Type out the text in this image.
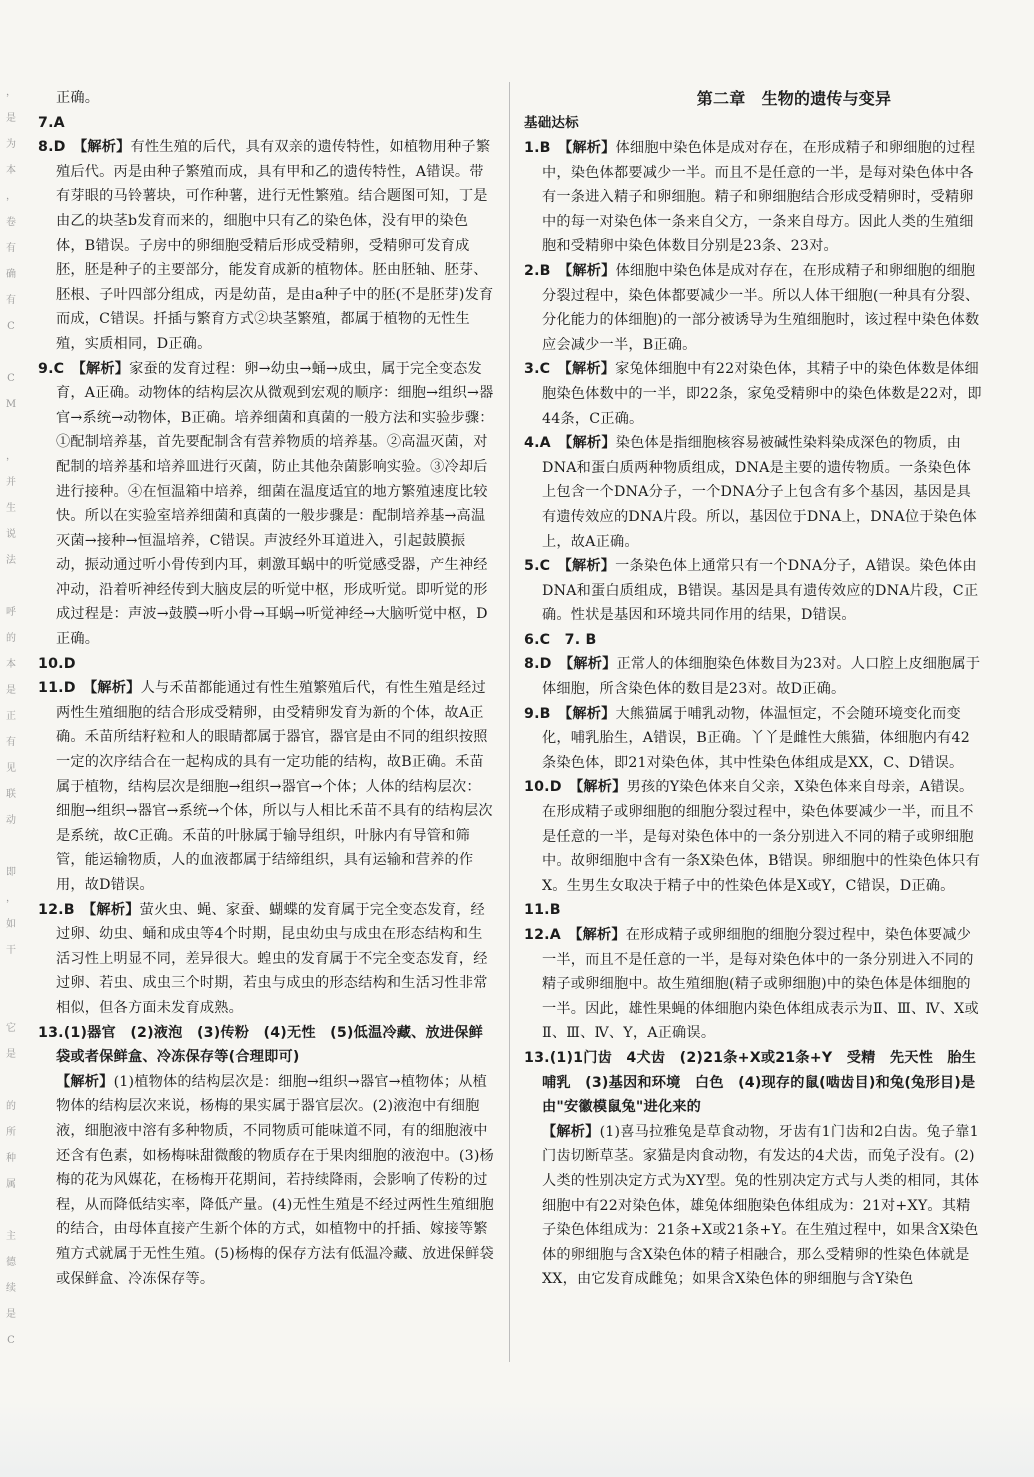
，
是
为
本
，
卷
有
确
有
C
C
M
，
并
生
说
法
呼
的
本
是
正
有
见
联
动
即
，
如
干
它
是
的
所
种
属
主
德
续
是
C
正确。
7.A
8.D  【解析】有性生殖的后代，具有双亲的遗传特性，如植物用种子繁殖后代。丙是由种子繁殖而成，具有甲和乙的遗传特性，A错误。带有芽眼的马铃薯块，可作种薯，进行无性繁殖。结合题图可知，丁是由乙的块茎b发育而来的，细胞中只有乙的染色体，没有甲的染色体，B错误。子房中的卵细胞受精后形成受精卵，受精卵可发育成胚，胚是种子的主要部分，能发育成新的植物体。胚由胚轴、胚芽、胚根、子叶四部分组成，丙是幼苗，是由a种子中的胚(不是胚芽)发育而成，C错误。扦插与繁育方式②块茎繁殖，都属于植物的无性生殖，实质相同，D正确。
9.C  【解析】家蚕的发育过程：卵→幼虫→蛹→成虫，属于完全变态发育，A正确。动物体的结构层次从微观到宏观的顺序：细胞→组织→器官→系统→动物体，B正确。培养细菌和真菌的一般方法和实验步骤：①配制培养基，首先要配制含有营养物质的培养基。②高温灭菌，对配制的培养基和培养皿进行灭菌，防止其他杂菌影响实验。③冷却后进行接种。④在恒温箱中培养，细菌在温度适宜的地方繁殖速度比较快。所以在实验室培养细菌和真菌的一般步骤是：配制培养基→高温灭菌→接种→恒温培养，C错误。声波经外耳道进入，引起鼓膜振动，振动通过听小骨传到内耳，刺激耳蜗中的听觉感受器，产生神经冲动，沿着听神经传到大脑皮层的听觉中枢，形成听觉。即听觉的形成过程是：声波→鼓膜→听小骨→耳蜗→听觉神经→大脑听觉中枢，D正确。
10.D
11.D  【解析】人与禾苗都能通过有性生殖繁殖后代，有性生殖是经过两性生殖细胞的结合形成受精卵，由受精卵发育为新的个体，故A正确。禾苗所结籽粒和人的眼睛都属于器官，器官是由不同的组织按照一定的次序结合在一起构成的具有一定功能的结构，故B正确。禾苗属于植物，结构层次是细胞→组织→器官→个体；人体的结构层次：细胞→组织→器官→系统→个体，所以与人相比禾苗不具有的结构层次是系统，故C正确。禾苗的叶脉属于输导组织，叶脉内有导管和筛管，能运输物质，人的血液都属于结缔组织，具有运输和营养的作用，故D错误。
12.B  【解析】萤火虫、蝇、家蚕、蝴蝶的发育属于完全变态发育，经过卵、幼虫、蛹和成虫等4个时期，昆虫幼虫与成虫在形态结构和生活习性上明显不同，差异很大。蝗虫的发育属于不完全变态发育，经过卵、若虫、成虫三个时期，若虫与成虫的形态结构和生活习性非常相似，但各方面未发育成熟。
13.(1)器官　(2)液泡　(3)传粉　(4)无性　(5)低温冷藏、放进保鲜袋或者保鲜盒、冷冻保存等(合理即可)
【解析】(1)植物体的结构层次是：细胞→组织→器官→植物体；从植物体的结构层次来说，杨梅的果实属于器官层次。(2)液泡中有细胞液，细胞液中溶有多种物质，不同物质可能味道不同，有的细胞液中还含有色素，如杨梅味甜微酸的物质存在于果肉细胞的液泡中。(3)杨梅的花为风媒花，在杨梅开花期间，若持续降雨，会影响了传粉的过程，从而降低结实率，降低产量。(4)无性生殖是不经过两性生殖细胞的结合，由母体直接产生新个体的方式，如植物中的扦插、嫁接等繁殖方式就属于无性生殖。(5)杨梅的保存方法有低温冷藏、放进保鲜袋或保鲜盒、冷冻保存等。
第二章　生物的遗传与变异
基础达标
1.B  【解析】体细胞中染色体是成对存在，在形成精子和卵细胞的过程中，染色体都要减少一半。而且不是任意的一半，是每对染色体中各有一条进入精子和卵细胞。精子和卵细胞结合形成受精卵时，受精卵中的每一对染色体一条来自父方，一条来自母方。因此人类的生殖细胞和受精卵中染色体数目分别是23条、23对。
2.B  【解析】体细胞中染色体是成对存在，在形成精子和卵细胞的细胞分裂过程中，染色体都要减少一半。所以人体干细胞(一种具有分裂、分化能力的体细胞)的一部分被诱导为生殖细胞时，该过程中染色体数应会减少一半，B正确。
3.C  【解析】家兔体细胞中有22对染色体，其精子中的染色体数是体细胞染色体数中的一半，即22条，家兔受精卵中的染色体数是22对，即44条，C正确。
4.A  【解析】染色体是指细胞核容易被碱性染料染成深色的物质，由DNA和蛋白质两种物质组成，DNA是主要的遗传物质。一条染色体上包含一个DNA分子，一个DNA分子上包含有多个基因，基因是具有遗传效应的DNA片段。所以，基因位于DNA上，DNA位于染色体上，故A正确。
5.C  【解析】一条染色体上通常只有一个DNA分子，A错误。染色体由DNA和蛋白质组成，B错误。基因是具有遗传效应的DNA片段，C正确。性状是基因和环境共同作用的结果，D错误。
6.C　7. B
8.D  【解析】正常人的体细胞染色体数目为23对。人口腔上皮细胞属于体细胞，所含染色体的数目是23对。故D正确。
9.B  【解析】大熊猫属于哺乳动物，体温恒定，不会随环境变化而变化，哺乳胎生，A错误，B正确。丫丫是雌性大熊猫，体细胞内有42条染色体，即21对染色体，其中性染色体组成是XX，C、D错误。
10.D  【解析】男孩的Y染色体来自父亲，X染色体来自母亲，A错误。在形成精子或卵细胞的细胞分裂过程中，染色体要减少一半，而且不是任意的一半，是每对染色体中的一条分别进入不同的精子或卵细胞中。故卵细胞中含有一条X染色体，B错误。卵细胞中的性染色体只有X。生男生女取决于精子中的性染色体是X或Y，C错误，D正确。
11.B
12.A  【解析】在形成精子或卵细胞的细胞分裂过程中，染色体要减少一半，而且不是任意的一半，是每对染色体中的一条分别进入不同的精子或卵细胞中。故生殖细胞(精子或卵细胞)中的染色体是体细胞的一半。因此，雄性果蝇的体细胞内染色体组成表示为Ⅱ、Ⅲ、Ⅳ、X或Ⅱ、Ⅲ、Ⅳ、Y，A正确误。
13.(1)1门齿　4犬齿　(2)21条+X或21条+Y　受精　先天性　胎生哺乳　(3)基因和环境　白色　(4)现存的鼠(啮齿目)和兔(兔形目)是由"安徽模鼠兔"进化来的
【解析】(1)喜马拉雅兔是草食动物，牙齿有1门齿和2白齿。兔子靠1门齿切断草茎。家猫是肉食动物，有发达的4犬齿，而兔子没有。(2)人类的性别决定方式为XY型。兔的性别决定方式与人类的相同，其体细胞中有22对染色体，雄兔体细胞染色体组成为：21对+XY。其精子染色体组成为：21条+X或21条+Y。在生殖过程中，如果含X染色体的卵细胞与含X染色体的精子相融合，那么受精卵的性染色体就是XX，由它发育成雌兔；如果含X染色体的卵细胞与含Y染色
